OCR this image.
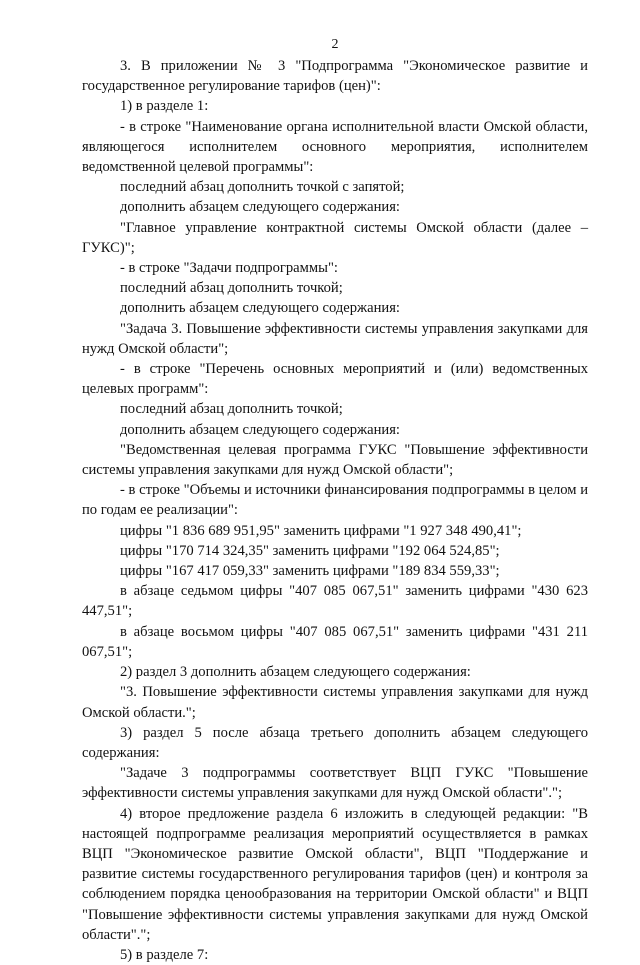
2

3. В приложении № 3 "Подпрограмма "Экономическое развитие и государственное регулирование тарифов (цен)":

1) в разделе 1:

- в строке "Наименование органа исполнительной власти Омской области, являющегося исполнителем основного мероприятия, исполнителем ведомственной целевой программы":

последний абзац дополнить точкой с запятой;

дополнить абзацем следующего содержания:

"Главное управление контрактной системы Омской области (далее – ГУКС)";

- в строке "Задачи подпрограммы":

последний абзац дополнить точкой;

дополнить абзацем следующего содержания:

"Задача 3. Повышение эффективности системы управления закупками для нужд Омской области";

- в строке "Перечень основных мероприятий и (или) ведомственных целевых программ":

последний абзац дополнить точкой;

дополнить абзацем следующего содержания:

"Ведомственная целевая программа ГУКС "Повышение эффективности системы управления закупками для нужд Омской области";

- в строке "Объемы и источники финансирования подпрограммы в целом и по годам ее реализации":

цифры "1 836 689 951,95" заменить цифрами "1 927 348 490,41";

цифры "170 714 324,35" заменить цифрами "192 064 524,85";

цифры "167 417 059,33" заменить цифрами "189 834 559,33";

в абзаце седьмом цифры "407 085 067,51" заменить цифрами "430 623 447,51";

в абзаце восьмом цифры "407 085 067,51" заменить цифрами "431 211 067,51";

2) раздел 3 дополнить абзацем следующего содержания:

"3. Повышение эффективности системы управления закупками для нужд Омской области.";

3) раздел 5 после абзаца третьего дополнить абзацем следующего содержания:

"Задаче 3 подпрограммы соответствует ВЦП ГУКС "Повышение эффективности системы управления закупками для нужд Омской области".";

4) второе предложение раздела 6 изложить в следующей редакции: "В настоящей подпрограмме реализация мероприятий осуществляется в рамках ВЦП "Экономическое развитие Омской области", ВЦП "Поддержание и развитие системы государственного регулирования тарифов (цен) и контроля за соблюдением порядка ценообразования на территории Омской области" и ВЦП "Повышение эффективности системы управления закупками для нужд Омской области".";

5) в разделе 7:
